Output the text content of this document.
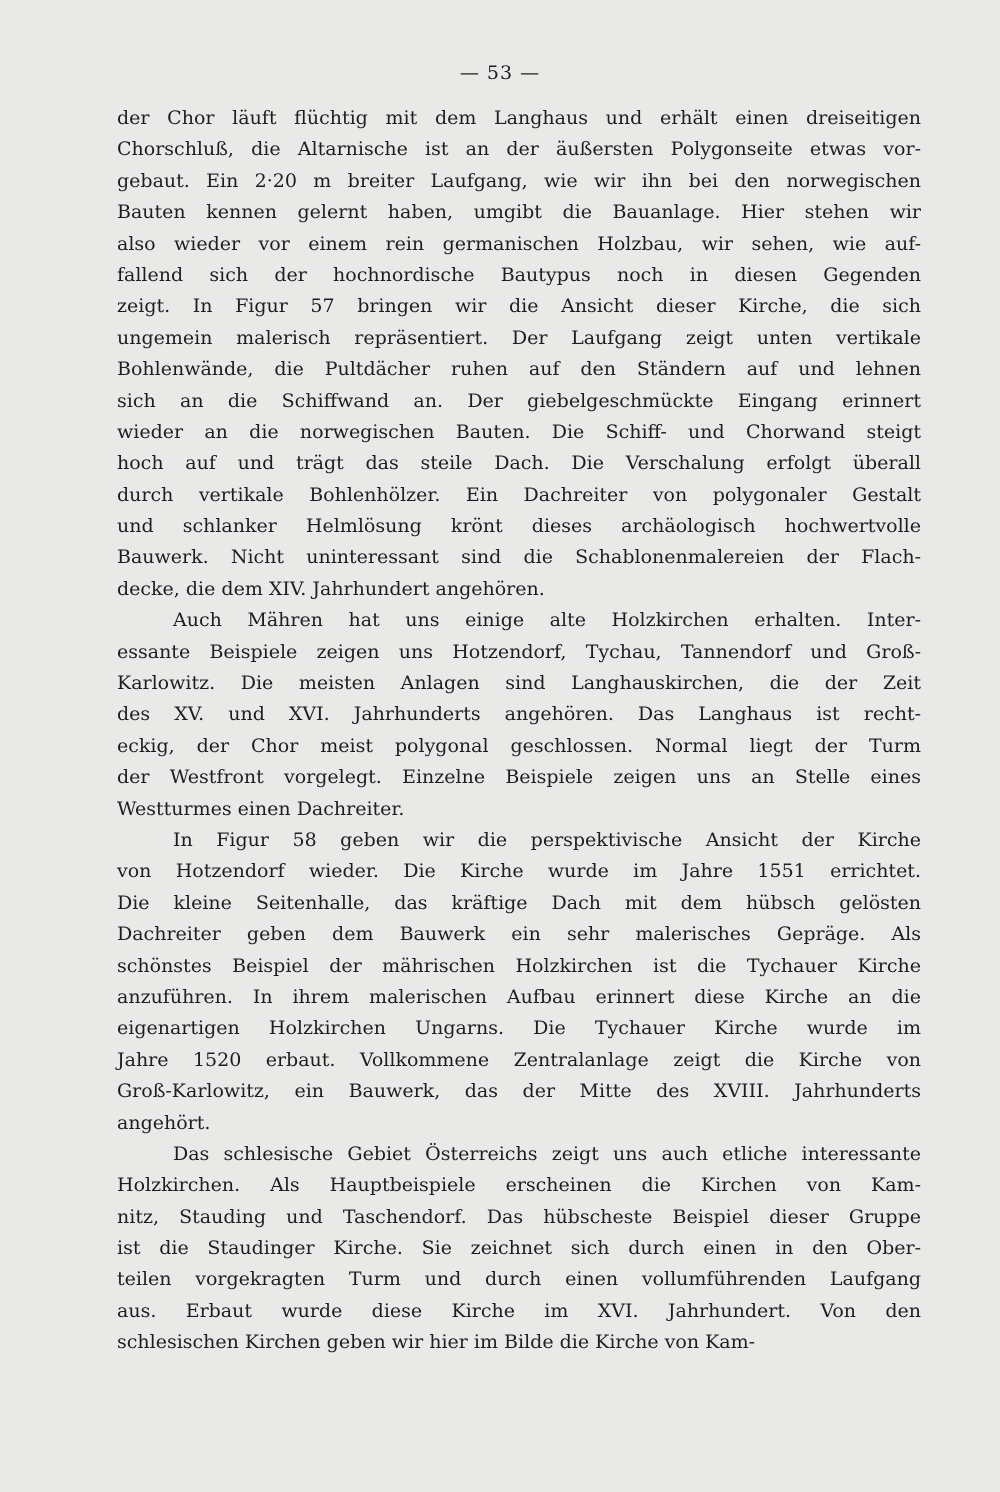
— 53 —
der Chor läuft flüchtig mit dem Langhaus und erhält einen dreiseitigen
Chorschluß, die Altarnische ist an der äußersten Polygonseite etwas vor-
gebaut. Ein 2·20 m breiter Laufgang, wie wir ihn bei den norwegischen
Bauten kennen gelernt haben, umgibt die Bauanlage. Hier stehen wir
also wieder vor einem rein germanischen Holzbau, wir sehen, wie auf-
fallend sich der hochnordische Bautypus noch in diesen Gegenden
zeigt. In Figur 57 bringen wir die Ansicht dieser Kirche, die sich
ungemein malerisch repräsentiert. Der Laufgang zeigt unten vertikale
Bohlenwände, die Pultdächer ruhen auf den Ständern auf und lehnen
sich an die Schiffwand an. Der giebelgeschmückte Eingang erinnert
wieder an die norwegischen Bauten. Die Schiff- und Chorwand steigt
hoch auf und trägt das steile Dach. Die Verschalung erfolgt überall
durch vertikale Bohlenhölzer. Ein Dachreiter von polygonaler Gestalt
und schlanker Helmlösung krönt dieses archäologisch hochwertvolle
Bauwerk. Nicht uninteressant sind die Schablonenmalereien der Flach-
decke, die dem XIV. Jahrhundert angehören.
Auch Mähren hat uns einige alte Holzkirchen erhalten. Inter-
essante Beispiele zeigen uns Hotzendorf, Tychau, Tannendorf und Groß-
Karlowitz. Die meisten Anlagen sind Langhauskirchen, die der Zeit
des XV. und XVI. Jahrhunderts angehören. Das Langhaus ist recht-
eckig, der Chor meist polygonal geschlossen. Normal liegt der Turm
der Westfront vorgelegt. Einzelne Beispiele zeigen uns an Stelle eines
Westturmes einen Dachreiter.
In Figur 58 geben wir die perspektivische Ansicht der Kirche
von Hotzendorf wieder. Die Kirche wurde im Jahre 1551 errichtet.
Die kleine Seitenhalle, das kräftige Dach mit dem hübsch gelösten
Dachreiter geben dem Bauwerk ein sehr malerisches Gepräge. Als
schönstes Beispiel der mährischen Holzkirchen ist die Tychauer Kirche
anzuführen. In ihrem malerischen Aufbau erinnert diese Kirche an die
eigenartigen Holzkirchen Ungarns. Die Tychauer Kirche wurde im
Jahre 1520 erbaut. Vollkommene Zentralanlage zeigt die Kirche von
Groß-Karlowitz, ein Bauwerk, das der Mitte des XVIII. Jahrhunderts
angehört.
Das schlesische Gebiet Österreichs zeigt uns auch etliche interessante
Holzkirchen. Als Hauptbeispiele erscheinen die Kirchen von Kam-
nitz, Stauding und Taschendorf. Das hübscheste Beispiel dieser Gruppe
ist die Staudinger Kirche. Sie zeichnet sich durch einen in den Ober-
teilen vorgekragten Turm und durch einen vollumführenden Laufgang
aus. Erbaut wurde diese Kirche im XVI. Jahrhundert. Von den
schlesischen Kirchen geben wir hier im Bilde die Kirche von Kam-
